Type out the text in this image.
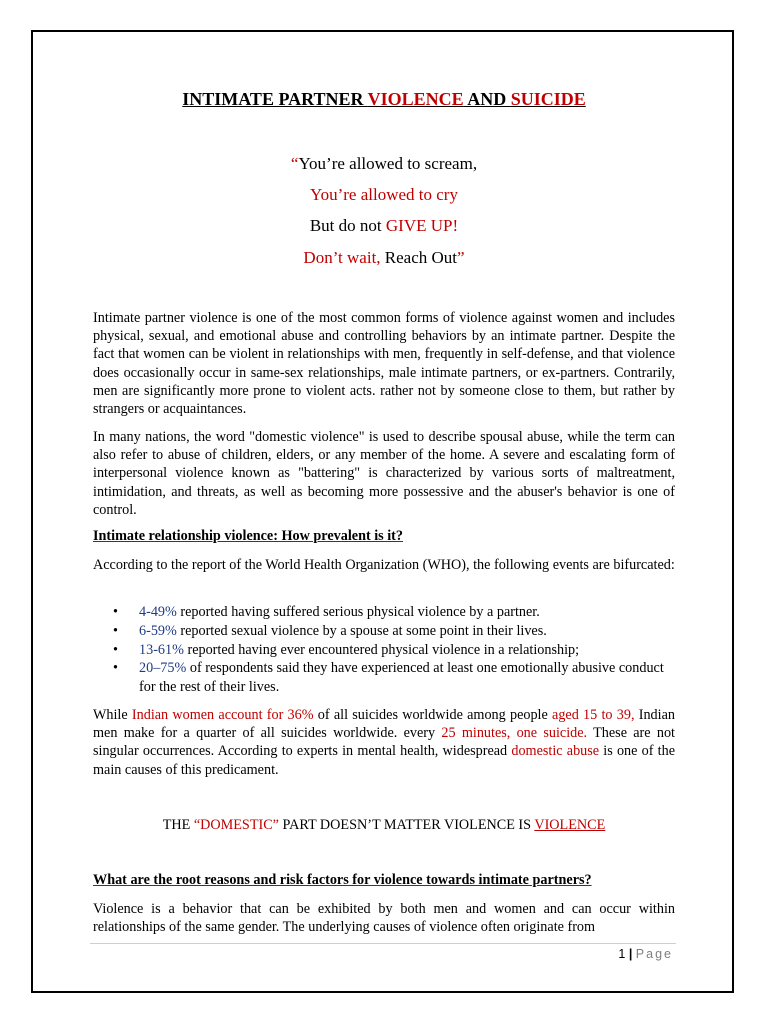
INTIMATE PARTNER VIOLENCE AND SUICIDE
“You’re allowed to scream,
You’re allowed to cry
But do not GIVE UP!
Don’t wait, Reach Out”

Intimate partner violence is one of the most common forms of violence against women and includes physical, sexual, and emotional abuse and controlling behaviors by an intimate partner. Despite the fact that women can be violent in relationships with men, frequently in self-defense, and that violence does occasionally occur in same-sex relationships, male intimate partners, or ex-partners. Contrarily, men are significantly more prone to violent acts. rather not by someone close to them, but rather by strangers or acquaintances.

In many nations, the word "domestic violence" is used to describe spousal abuse, while the term can also refer to abuse of children, elders, or any member of the home. A severe and escalating form of interpersonal violence known as "battering" is characterized by various sorts of maltreatment, intimidation, and threats, as well as becoming more possessive and the abuser's behavior is one of control.

Intimate relationship violence: How prevalent is it?

According to the report of the World Health Organization (WHO), the following events are bifurcated:

• 4-49% reported having suffered serious physical violence by a partner.
• 6-59% reported sexual violence by a spouse at some point in their lives.
• 13-61% reported having ever encountered physical violence in a relationship;
• 20–75% of respondents said they have experienced at least one emotionally abusive conduct for the rest of their lives.

While Indian women account for 36% of all suicides worldwide among people aged 15 to 39, Indian men make for a quarter of all suicides worldwide. every 25 minutes, one suicide. These are not singular occurrences. According to experts in mental health, widespread domestic abuse is one of the main causes of this predicament.

THE “DOMESTIC” PART DOESN’T MATTER VIOLENCE IS VIOLENCE
What are the root reasons and risk factors for violence towards intimate partners?

Violence is a behavior that can be exhibited by both men and women and can occur within relationships of the same gender. The underlying causes of violence often originate from

1 | Page
